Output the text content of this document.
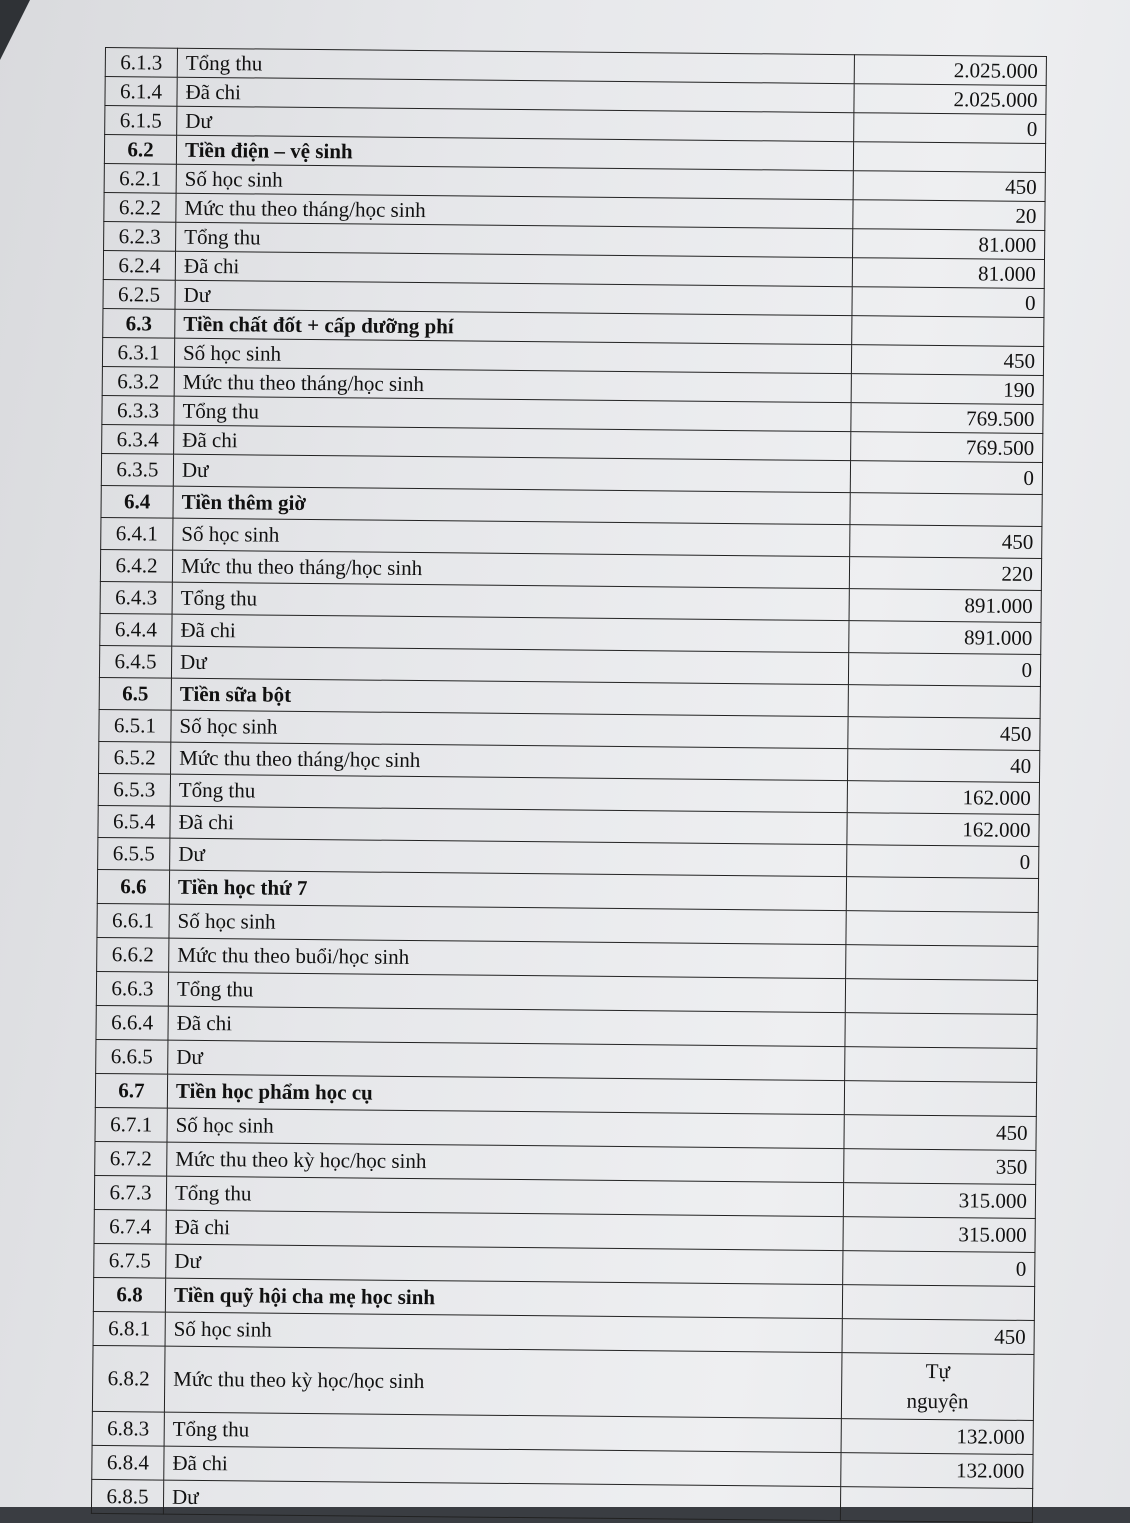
6.1.3	Tổng thu	2.025.000
6.1.4	Đã chi	2.025.000
6.1.5	Dư	0
6.2	Tiền điện – vệ sinh	
6.2.1	Số học sinh	450
6.2.2	Mức thu theo tháng/học sinh	20
6.2.3	Tổng thu	81.000
6.2.4	Đã chi	81.000
6.2.5	Dư	0
6.3	Tiền chất đốt + cấp dưỡng phí	
6.3.1	Số học sinh	450
6.3.2	Mức thu theo tháng/học sinh	190
6.3.3	Tổng thu	769.500
6.3.4	Đã chi	769.500
6.3.5	Dư	0
6.4	Tiền thêm giờ	
6.4.1	Số học sinh	450
6.4.2	Mức thu theo tháng/học sinh	220
6.4.3	Tổng thu	891.000
6.4.4	Đã chi	891.000
6.4.5	Dư	0
6.5	Tiền sữa bột	
6.5.1	Số học sinh	450
6.5.2	Mức thu theo tháng/học sinh	40
6.5.3	Tổng thu	162.000
6.5.4	Đã chi	162.000
6.5.5	Dư	0
6.6	Tiền học thứ 7	
6.6.1	Số học sinh	
6.6.2	Mức thu theo buổi/học sinh	
6.6.3	Tổng thu	
6.6.4	Đã chi	
6.6.5	Dư	
6.7	Tiền học phẩm học cụ	
6.7.1	Số học sinh	450
6.7.2	Mức thu theo kỳ học/học sinh	350
6.7.3	Tổng thu	315.000
6.7.4	Đã chi	315.000
6.7.5	Dư	0
6.8	Tiền quỹ hội cha mẹ học sinh	
6.8.1	Số học sinh	450
6.8.2	Mức thu theo kỳ học/học sinh	Tự
nguyện

6.8.3	Tổng thu	132.000
6.8.4	Đã chi	132.000
6.8.5	Dư	
